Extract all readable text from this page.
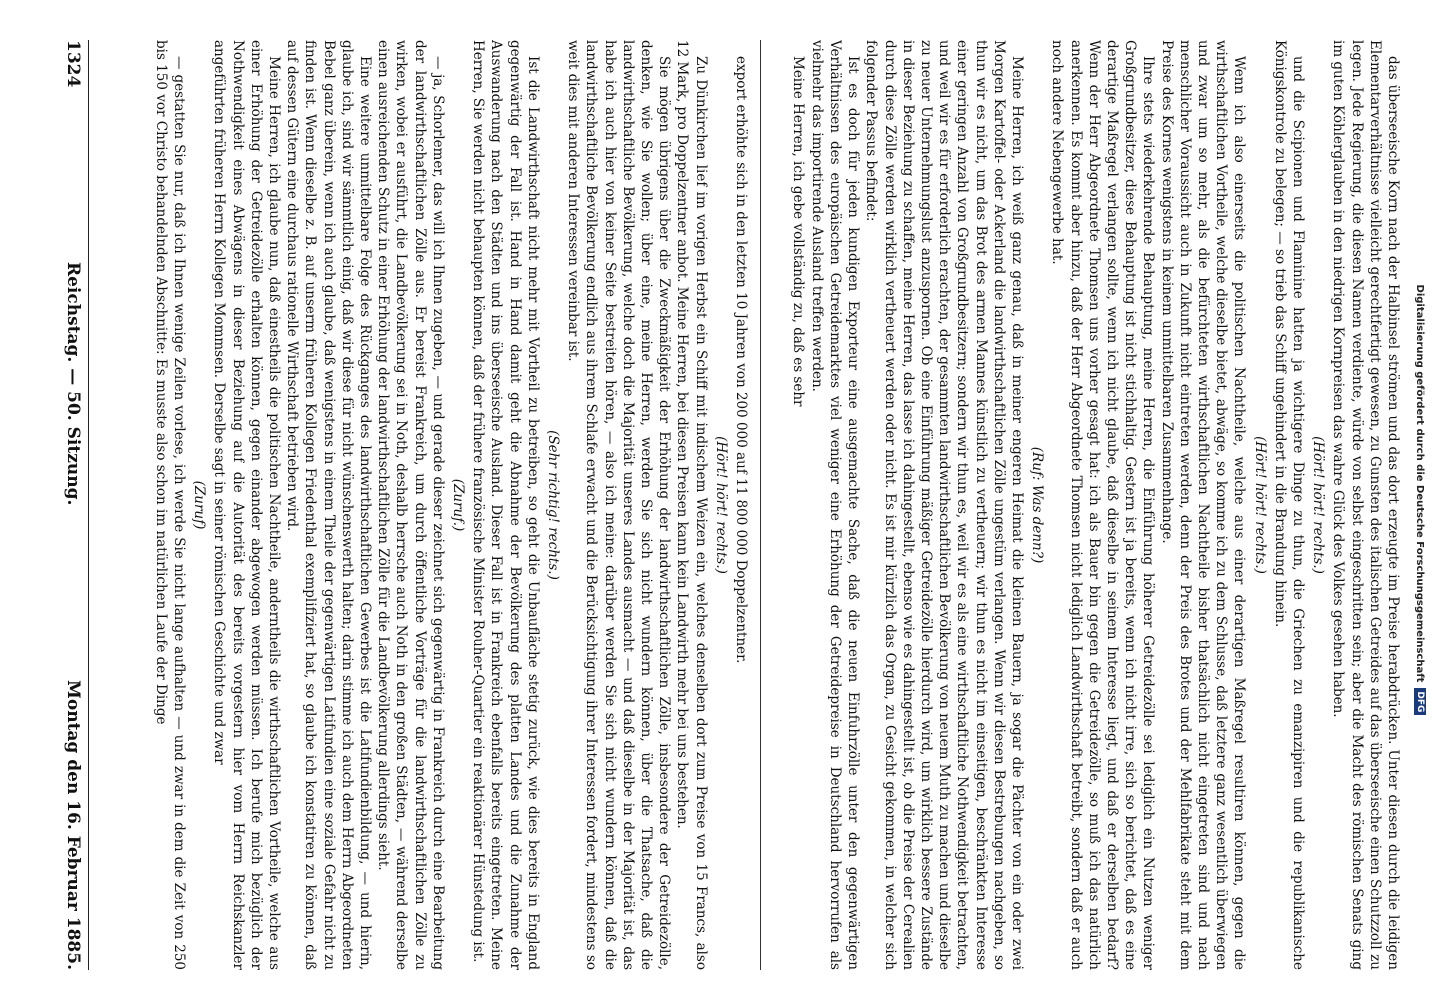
1324
Reichstag. — 50. Sitzung.
Montag den 16. Februar 1885.

export erhöhte sich in den letzten 10 Jahren von 200 000 auf 11 800 000 Doppelzentner.

(Hört! hört! rechts.)

Zu Dünkirchen lief im vorigen Herbst ein Schiff mit indischem Weizen ein, welches denselben dort zum Preise von 15 Francs, also 12 Mark, pro Doppelzentner anbot. Meine Herren, bei diesen Preisen kann kein Landwirth mehr bei uns bestehen.

Sie mögen übrigens über die Zweckmäßigkeit der Erhöhung der landwirthschaftlichen Zölle, insbesondere der Getreidezölle, denken, wie Sie wollen; über eine, meine Herren, werden Sie sich nicht wundern können, über die Thatsache, daß die landwirthschaftliche Bevölkerung, welche doch die Majorität unseres Landes ausmacht — und daß dieselbe in der Majorität ist, das habe ich auch hier von keiner Seite bestreiten hören, — also ich meine: darüber werden Sie sich nicht wundern können, daß die landwirthschaftliche Bevölkerung endlich aus ihrem Schlafe erwacht und die Berücksichtigung ihrer Interessen fordert, mindestens so weit dies mit anderen Interessen vereinbar ist.

(Sehr richtig! rechts.)

Ist die Landwirthschaft nicht mehr mit Vortheil zu betreiben, so geht die Unbaufläche stetig zurück, wie dies bereits in England gegenwärtig der Fall ist. Hand in Hand damit geht die Abnahme der Bevölkerung des platten Landes und die Zunahme der Auswanderung nach den Städten und ins überseeische Ausland. Dieser Fall ist in Frankreich ebenfalls bereits eingetreten. Meine Herren, Sie werden nicht behaupten können, daß der frühere französische Minister Rouher-Quartier ein reaktionärer Hünstedung ist.

(Zuruf.)

— ja, Schorlemer, das will ich Ihnen zugeben, — und gerade dieser zeichnet sich gegenwärtig in Frankreich durch eine Bearbeitung der landwirthschaftlichen Zölle aus. Er bereist Frankreich, um durch öffentliche Vorträge für die landwirthschaftlichen Zölle zu wirken, wobei er ausführt, die Landbevölkerung sei in Noth, deshalb herrsche auch Noth in den großen Städten, — während derselbe einen ausreichenden Schutz in einer Erhöhung der landwirthschaftlichen Zölle für die Landbevölkerung allerdings sieht.

Eine weitere unmittelbare Folge des Rückganges des landwirthschaftlichen Gewerbes ist die Latifundienbildung, — und hierin, glaube ich, sind wir sämmtlich einig, daß wir diese für nicht wünschenswerth halten; darin stimme ich auch dem Herrn Abgeordneten Bebel ganz überein, wenn ich auch glaube, daß wenigstens in einem Theile der gegenwärtigen Latifundien eine soziale Gefahr nicht zu finden ist. Wenn dieselbe z. B. auf unserm früheren Kollegen Friedenthal exemplifiziert hat, so glaube ich konstatiren zu können, daß auf dessen Gütern eine durchaus rationelle Wirthschaft betrieben wird.

Meine Herren, ich glaube nun, daß einestheils die politischen Nachtheile, anderntheils die wirthschaftlichen Vortheile, welche aus einer Erhöhung der Getreidezölle erhalten können, gegen einander abgewogen werden müssen. Ich berufe mich bezüglich der Nothwendigkeit eines Abwägens in dieser Beziehung auf die Autorität des bereits vorgestern hier vom Herrn Reichskanzler angeführten früheren Herrn Kollegen Mommsen. Derselbe sagt in seiner römischen Geschichte und zwar

(Zuruf)

— gestatten Sie nur, daß ich Ihnen wenige Zeilen vorlese, ich werde Sie nicht lange aufhalten — und zwar in dem die Zeit von 250 bis 150 vor Christo behandelnden Abschnitte: Es musste also schon im natürlichen Laufe der Dinge	das überseeische Korn nach der Halbinsel strömen und das dort erzeugte im Preise herabdrücken. Unter diesen durch die leidigen Elementarverhältnisse vielleicht gerechtfertigt gewesen, zu Gunsten des italischen Getreides auf das überseeische einen Schutzzoll zu legen. Jede Regierung, die diesen Namen verdiente, würde von selbst eingeschritten sein; aber die Macht des römischen Senats ging im guten Köhlerglauben in den niedrigen Kornpreisen das wahre Glück des Volkes gesehen haben.

(Hört! hört! rechts.)

und die Scipionen und Flaminine hatten ja wichtigere Dinge zu thun, die Griechen zu emanzipiren und die republikanische Königskontrole zu belegen; — so trieb das Schiff ungehindert in die Brandung hinein.

(Hört! hört! rechts.)

Wenn ich also einerseits die politischen Nachtheile, welche aus einer derartigen Maßregel resultiren können, gegen die wirthschaftlichen Vortheile, welche dieselbe bietet, abwäge, so komme ich zu dem Schlusse, daß letztere ganz wesentlich überwiegen und zwar um so mehr, als die befürchteten wirthschaftlichen Nachtheile bisher thatsächlich nicht eingetreten sind und nach menschlicher Voraussicht auch in Zukunft nicht eintreten werden, denn der Preis des Brotes und der Mehlfabrikate steht mit dem Preise des Kornes wenigstens in keinem unmittelbaren Zusammenhange.

Ihre stets wiederkehrende Behauptung, meine Herren, die Einführung höherer Getreidezölle sei lediglich ein Nutzen weniger Großgrundbesitzer, diese Behauptung ist nicht stichhaltig. Gestern ist ja bereits, wenn ich nicht irre, sich so berichtet, daß es eine derartige Maßregel verlangen sollte, wenn ich nicht glaube, daß dieselbe in seinem Interesse liegt, und daß er derselben bedarf? Wenn der Herr Abgeordnete Thomsen uns vorher gesagt hat: ich als Bauer bin gegen die Getreidezölle, so muß ich das natürlich anerkennen. Es kommt aber hinzu, daß der Herr Abgeordnete Thomsen nicht lediglich Landwirthschaft betreibt, sondern daß er auch noch andere Nebengewerbe hat.

(Ruf: Was denn?)

Meine Herren, ich weiß ganz genau, daß in meiner engeren Heimat die kleinen Bauern, ja sogar die Pächter von ein oder zwei Morgen Kartoffel- oder Ackerland die landwirthschaftlichen Zölle ungestüm verlangen. Wenn wir diesen Bestrebungen nachgeben, so thun wir es nicht, um das Brot des armen Mannes künstlich zu vertheuern; wir thun es nicht im einseitigen, beschränkten Interesse einer geringen Anzahl von Großgrundbesitzern; sondern wir thun es, weil wir es als eine wirthschaftliche Nothwendigkeit betrachten, und weil wir es für erforderlich erachten, der gesammten landwirthschaftlichen Bevölkerung von neuem Muth zu machen und dieselbe zu neuer Unternehmungslust anzuspornen. Ob eine Einführung mäßiger Getreidezölle hierdurch wird, um wirklich bessere Zustände in dieser Beziehung zu schaffen, meine Herren, das lasse ich dahingestellt, ebenso wie es dahingestellt ist, ob die Preise der Cerealien durch diese Zölle werden wirklich vertheuert werden oder nicht. Es ist mir kürzlich das Organ, zu Gesicht gekommen, in welcher sich folgender Passus befindet:

Ist es doch für jeden kundigen Exporteur eine ausgemachte Sache, daß die neuen Einfuhrzölle unter den gegenwärtigen Verhältnissen des europäischen Getreidemarktes viel weniger eine Erhöhung der Getreidepreise in Deutschland hervorrufen als vielmehr das importirende Ausland treffen werden.

Meine Herren, ich gebe vollständig zu, daß es sehr

Digitalisierung gefördert durch die Deutsche Forschungsgemeinschaft
DFG
